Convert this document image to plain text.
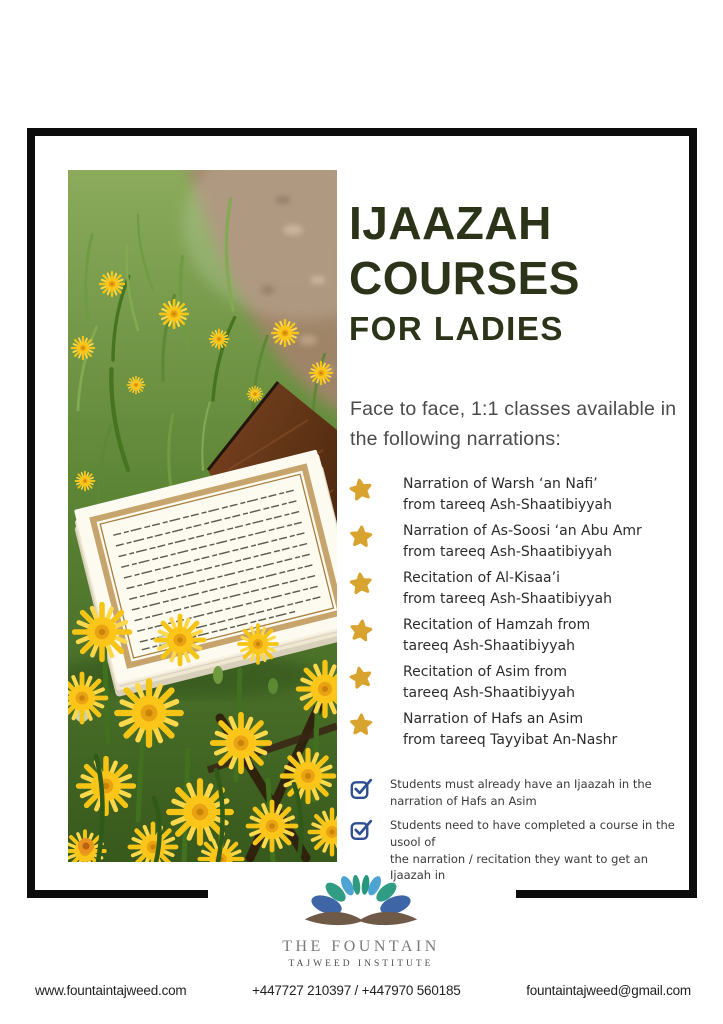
IJAAZAH
COURSES
FOR LADIES
Face to face, 1:1 classes available in the following narrations:
Narration of Warsh ‘an Nafi’
from tareeq Ash-Shaatibiyyah
Narration of As-Soosi ‘an Abu Amr
from tareeq Ash-Shaatibiyyah
Recitation of Al-Kisaa’i
from tareeq Ash-Shaatibiyyah
Recitation of Hamzah from
tareeq Ash-Shaatibiyyah
Recitation of Asim from
tareeq Ash-Shaatibiyyah
Narration of Hafs an Asim
from tareeq Tayyibat An-Nashr
Students must already have an Ijaazah in the
narration of Hafs an Asim
Students need to have completed a course in the usool of
the narration / recitation they want to get an Ijaazah in
THE FOUNTAIN
TAJWEED INSTITUTE
www.fountaintajweed.com	+447727 210397 / +447970 560185	fountaintajweed@gmail.com
